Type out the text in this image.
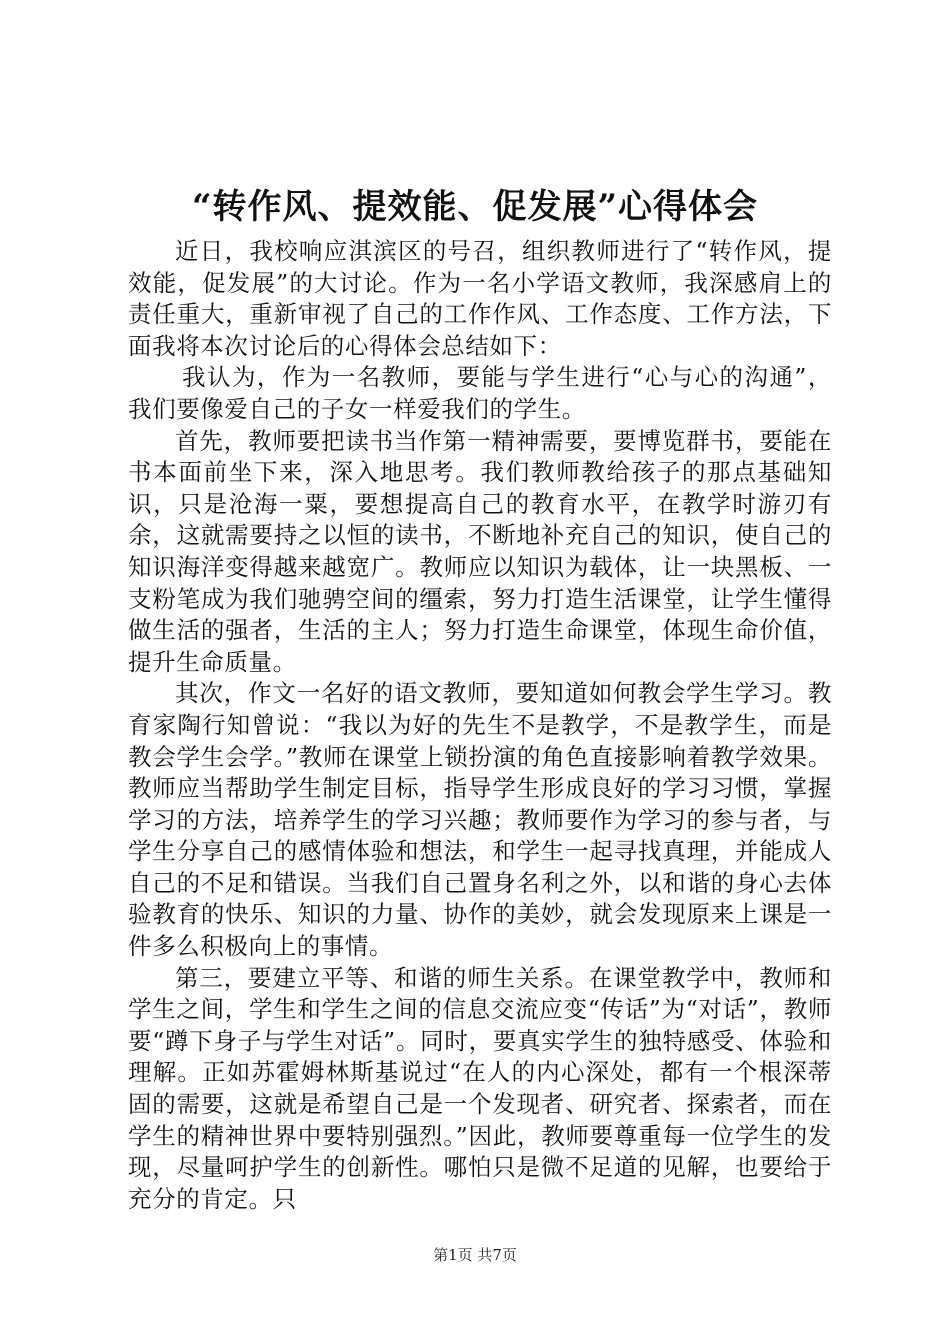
“转作风、提效能、促发展”心得体会

近日，我校响应淇滨区的号召，组织教师进行了“转作风，提效能，促发展”的大讨论。作为一名小学语文教师，我深感肩上的责任重大，重新审视了自己的工作作风、工作态度、工作方法，下面我将本次讨论后的心得体会总结如下：

我认为，作为一名教师，要能与学生进行“心与心的沟通”，我们要像爱自己的子女一样爱我们的学生。

首先，教师要把读书当作第一精神需要，要博览群书，要能在书本面前坐下来，深入地思考。我们教师教给孩子的那点基础知识，只是沧海一粟，要想提高自己的教育水平，在教学时游刃有余，这就需要持之以恒的读书，不断地补充自己的知识，使自己的知识海洋变得越来越宽广。教师应以知识为载体，让一块黑板、一支粉笔成为我们驰骋空间的缰索，努力打造生活课堂，让学生懂得做生活的强者，生活的主人；努力打造生命课堂，体现生命价值，提升生命质量。

其次，作文一名好的语文教师，要知道如何教会学生学习。教育家陶行知曾说：“我以为好的先生不是教学，不是教学生，而是教会学生会学。”教师在课堂上锁扮演的角色直接影响着教学效果。教师应当帮助学生制定目标，指导学生形成良好的学习习惯，掌握学习的方法，培养学生的学习兴趣；教师要作为学习的参与者，与学生分享自己的感情体验和想法，和学生一起寻找真理，并能成人自己的不足和错误。当我们自己置身名利之外，以和谐的身心去体验教育的快乐、知识的力量、协作的美妙，就会发现原来上课是一件多么积极向上的事情。

第三，要建立平等、和谐的师生关系。在课堂教学中，教师和学生之间，学生和学生之间的信息交流应变“传话”为“对话”，教师要“蹲下身子与学生对话”。同时，要真实学生的独特感受、体验和理解。正如苏霍姆林斯基说过“在人的内心深处，都有一个根深蒂固的需要，这就是希望自己是一个发现者、研究者、探索者，而在学生的精神世界中要特别强烈。”因此，教师要尊重每一位学生的发现，尽量呵护学生的创新性。哪怕只是微不足道的见解，也要给于充分的肯定。只

第1页 共7页
